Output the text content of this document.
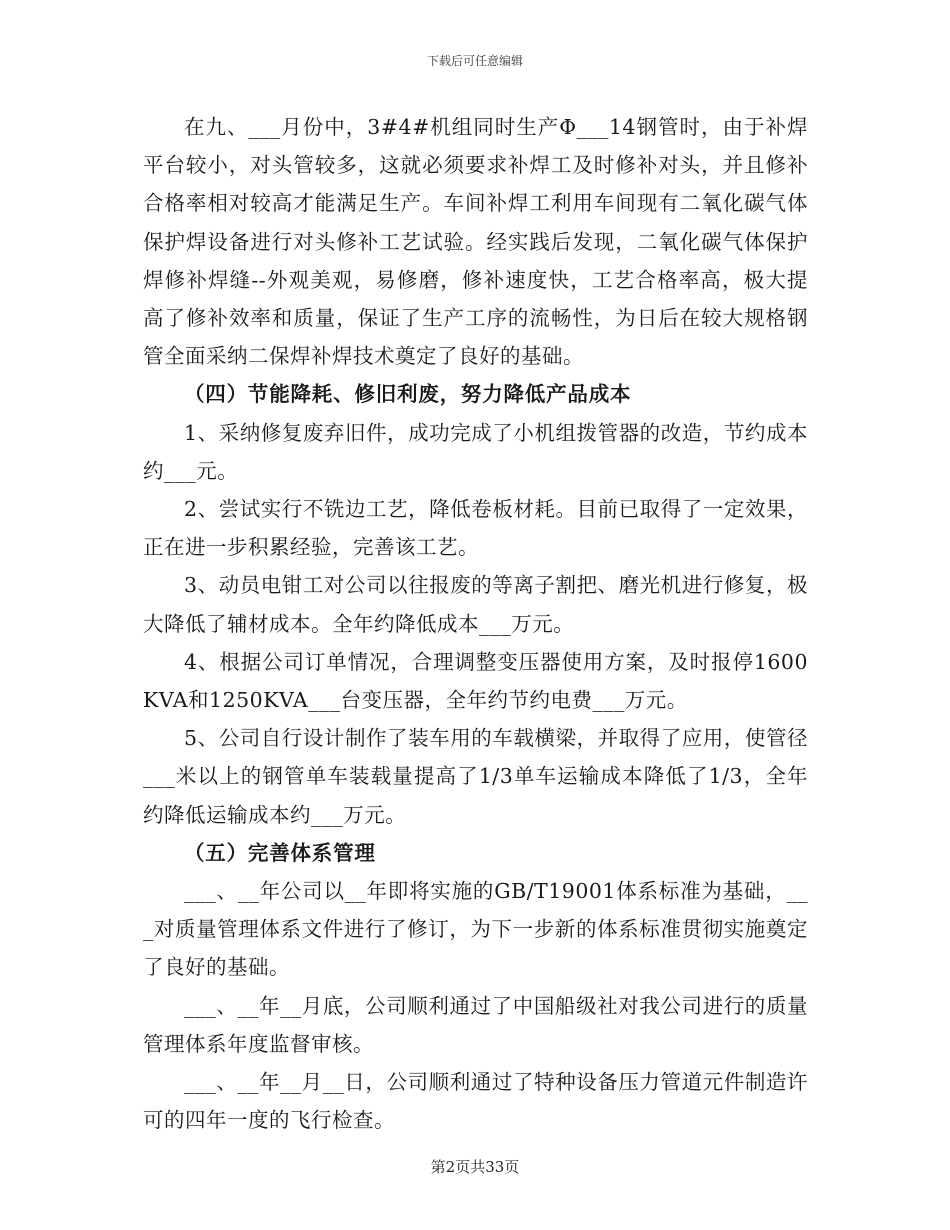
下载后可任意编辑

在九、___月份中，3#4#机组同时生产Φ___14钢管时，由于补焊平台较小，对头管较多，这就必须要求补焊工及时修补对头，并且修补合格率相对较高才能满足生产。车间补焊工利用车间现有二氧化碳气体保护焊设备进行对头修补工艺试验。经实践后发现，二氧化碳气体保护焊修补焊缝--外观美观，易修磨，修补速度快，工艺合格率高，极大提高了修补效率和质量，保证了生产工序的流畅性，为日后在较大规格钢管全面采纳二保焊补焊技术奠定了良好的基础。

（四）节能降耗、修旧利废，努力降低产品成本

1、采纳修复废弃旧件，成功完成了小机组拨管器的改造，节约成本约___元。

2、尝试实行不铣边工艺，降低卷板材耗。目前已取得了一定效果，正在进一步积累经验，完善该工艺。

3、动员电钳工对公司以往报废的等离子割把、磨光机进行修复，极大降低了辅材成本。全年约降低成本___万元。

4、根据公司订单情况，合理调整变压器使用方案，及时报停1600KVA和1250KVA___台变压器，全年约节约电费___万元。

5、公司自行设计制作了装车用的车载横梁，并取得了应用，使管径___米以上的钢管单车装载量提高了1/3单车运输成本降低了1/3，全年约降低运输成本约___万元。

（五）完善体系管理

___、__年公司以__年即将实施的GB/T19001体系标准为基础，___对质量管理体系文件进行了修订，为下一步新的体系标准贯彻实施奠定了良好的基础。

___、__年__月底，公司顺利通过了中国船级社对我公司进行的质量管理体系年度监督审核。

___、__年__月__日，公司顺利通过了特种设备压力管道元件制造许可的四年一度的飞行检查。

第2页共33页
